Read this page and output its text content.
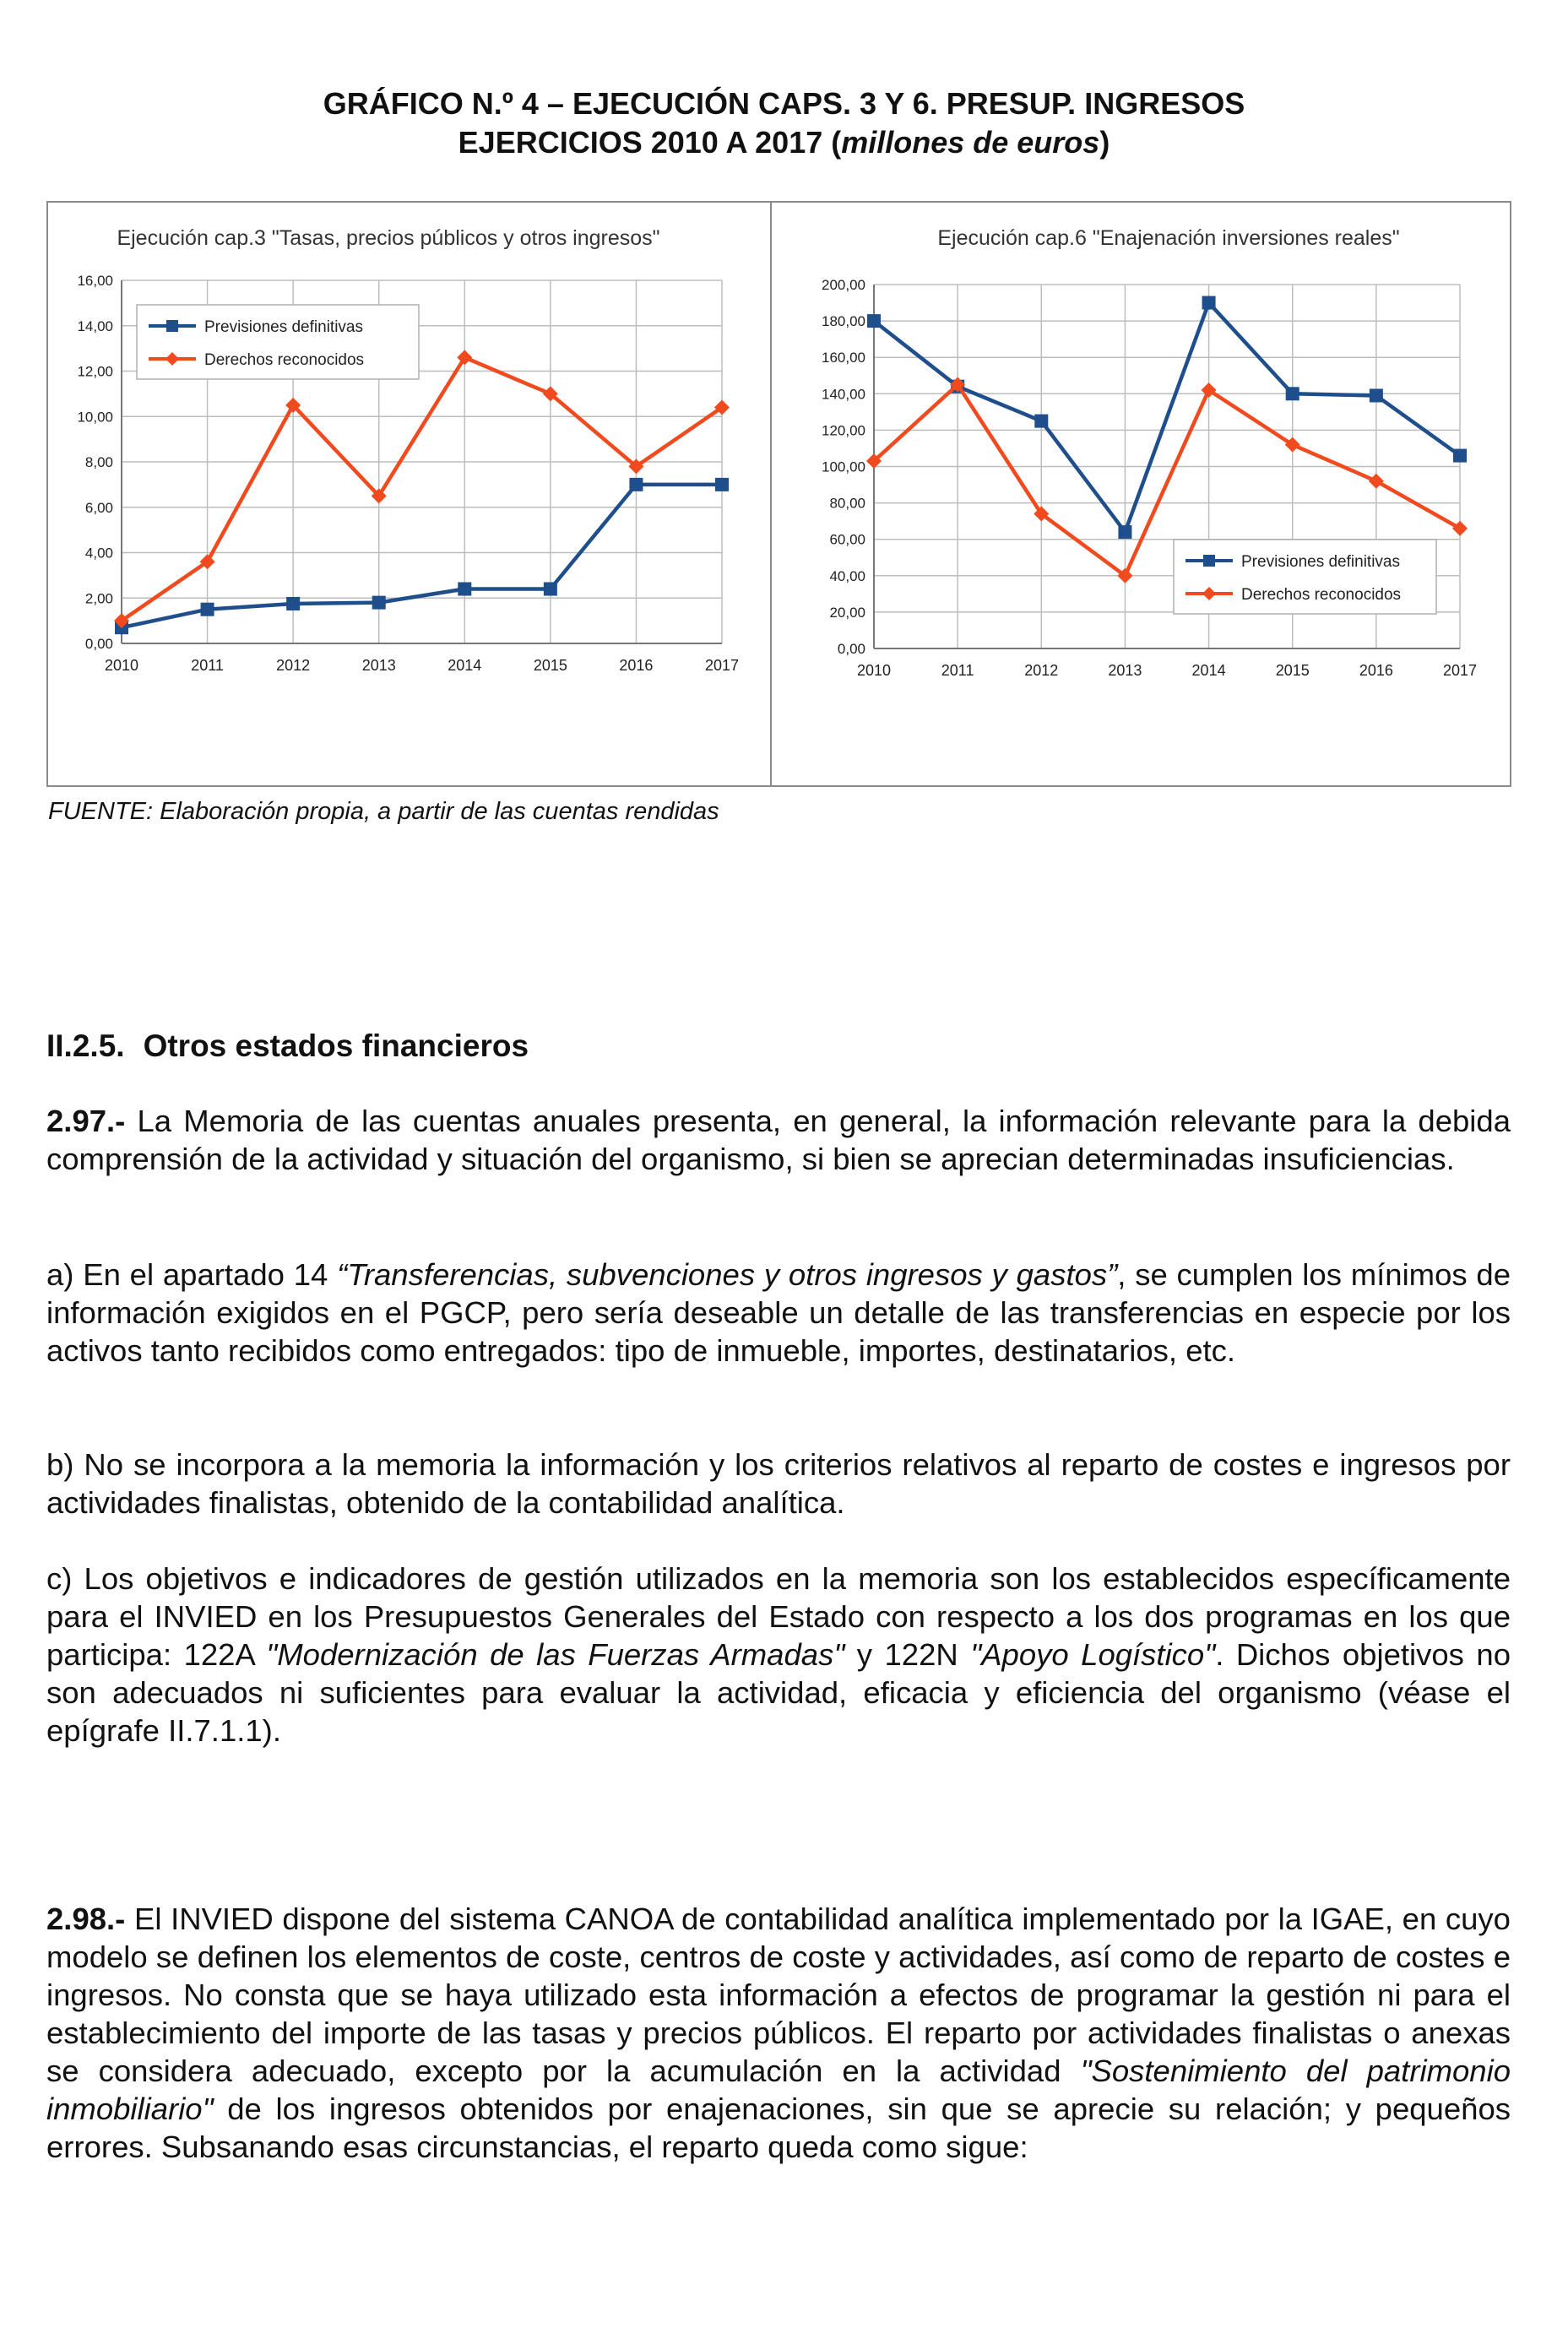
GRÁFICO N.º 4 – EJECUCIÓN CAPS. 3 Y 6. PRESUP. INGRESOS
EJERCICIOS 2010 A 2017 (millones de euros)
Ejecución cap.3 "Tasas, precios públicos y otros ingresos"
0,00
2,00
4,00
6,00
8,00
10,00
12,00
14,00
16,00
2010	2011	2012	2013	2014	2015	2016	2017
Previsiones definitivas
Derechos reconocidos
Ejecución cap.6 "Enajenación inversiones reales"
0,00
20,00
40,00
60,00
80,00
100,00
120,00
140,00
160,00
180,00
200,00
2010	2011	2012	2013	2014	2015	2016	2017
Previsiones definitivas
Derechos reconocidos
FUENTE: Elaboración propia, a partir de las cuentas rendidas
II.2.5. Otros estados financieros

2.97.- La Memoria de las cuentas anuales presenta, en general, la información relevante para la debida comprensión de la actividad y situación del organismo, si bien se aprecian determinadas insuficiencias.

a) En el apartado 14 “Transferencias, subvenciones y otros ingresos y gastos”, se cumplen los mínimos de información exigidos en el PGCP, pero sería deseable un detalle de las transferencias en especie por los activos tanto recibidos como entregados: tipo de inmueble, importes, destinatarios, etc.

b) No se incorpora a la memoria la información y los criterios relativos al reparto de costes e ingresos por actividades finalistas, obtenido de la contabilidad analítica.

c) Los objetivos e indicadores de gestión utilizados en la memoria son los establecidos específicamente para el INVIED en los Presupuestos Generales del Estado con respecto a los dos programas en los que participa: 122A "Modernización de las Fuerzas Armadas" y 122N "Apoyo Logístico". Dichos objetivos no son adecuados ni suficientes para evaluar la actividad, eficacia y eficiencia del organismo (véase el epígrafe II.7.1.1).

2.98.- El INVIED dispone del sistema CANOA de contabilidad analítica implementado por la IGAE, en cuyo modelo se definen los elementos de coste, centros de coste y actividades, así como de reparto de costes e ingresos. No consta que se haya utilizado esta información a efectos de programar la gestión ni para el establecimiento del importe de las tasas y precios públicos. El reparto por actividades finalistas o anexas se considera adecuado, excepto por la acumulación en la actividad "Sostenimiento del patrimonio inmobiliario" de los ingresos obtenidos por enajenaciones, sin que se aprecie su relación; y pequeños errores. Subsanando esas circunstancias, el reparto queda como sigue:
